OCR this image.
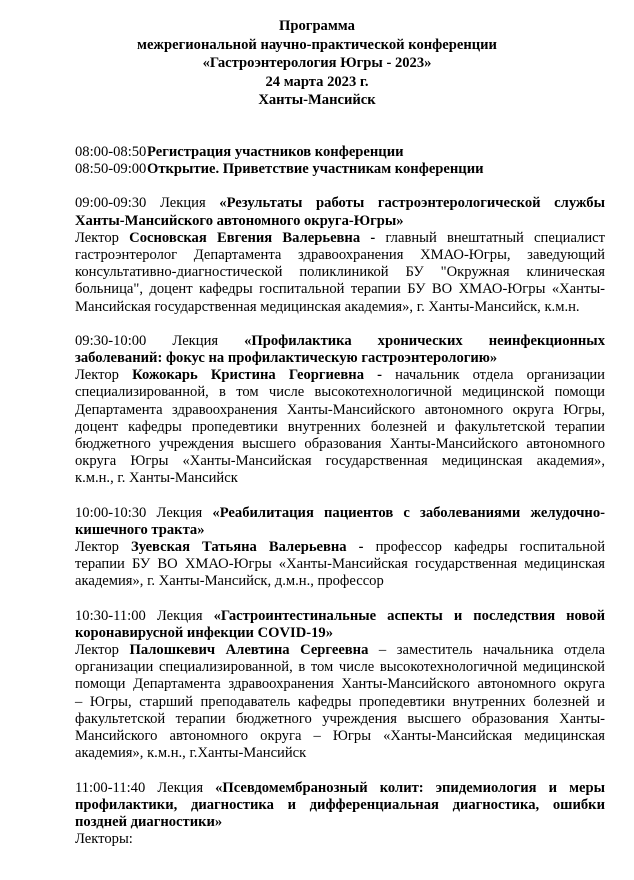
Программа
межрегиональной научно-практической конференции
«Гастроэнтерология Югры - 2023»
24 марта 2023 г.
Ханты-Мансийск
08:00-08:50Регистрация участников конференции
08:50-09:00Открытие. Приветствие участникам конференции
09:00-09:30 Лекция «Результаты работы гастроэнтерологической службы
Ханты-Мансийского автономного округа-Югры»
Лектор Сосновская Евгения Валерьевна - главный внештатный специалист
гастроэнтеролог Департамента здравоохранения ХМАО-Югры, заведующий
консультативно-диагностической поликлиникой БУ "Окружная клиническая
больница", доцент кафедры госпитальной терапии БУ ВО ХМАО-Югры «Ханты-
Мансийская государственная медицинская академия», г. Ханты-Мансийск, к.м.н.
09:30-10:00 Лекция «Профилактика хронических неинфекционных
заболеваний: фокус на профилактическую гастроэнтерологию»
Лектор Кожокарь Кристина Георгиевна - начальник отдела организации
специализированной, в том числе высокотехнологичной медицинской помощи
Департамента здравоохранения Ханты-Мансийского автономного округа Югры,
доцент кафедры пропедевтики внутренних болезней и факультетской терапии
бюджетного учреждения высшего образования Ханты-Мансийского автономного
округа Югры «Ханты-Мансийская государственная медицинская академия»,
к.м.н., г. Ханты-Мансийск
10:00-10:30 Лекция «Реабилитация пациентов с заболеваниями желудочно-
кишечного тракта»
Лектор Зуевская Татьяна Валерьевна - профессор кафедры госпитальной
терапии БУ ВО ХМАО-Югры «Ханты-Мансийская государственная медицинская
академия», г. Ханты-Мансийск, д.м.н., профессор
10:30-11:00 Лекция «Гастроинтестинальные аспекты и последствия новой
коронавирусной инфекции COVID-19»
Лектор Палошкевич Алевтина Сергеевна – заместитель начальника отдела
организации специализированной, в том числе высокотехнологичной медицинской
помощи Департамента здравоохранения Ханты-Мансийского автономного округа
– Югры, старший преподаватель кафедры пропедевтики внутренних болезней и
факультетской терапии бюджетного учреждения высшего образования Ханты-
Мансийского автономного округа – Югры «Ханты-Мансийская медицинская
академия», к.м.н., г.Ханты-Мансийск
11:00-11:40 Лекция «Псевдомембранозный колит: эпидемиология и меры
профилактики, диагностика и дифференциальная диагностика, ошибки
поздней диагностики»
Лекторы:
